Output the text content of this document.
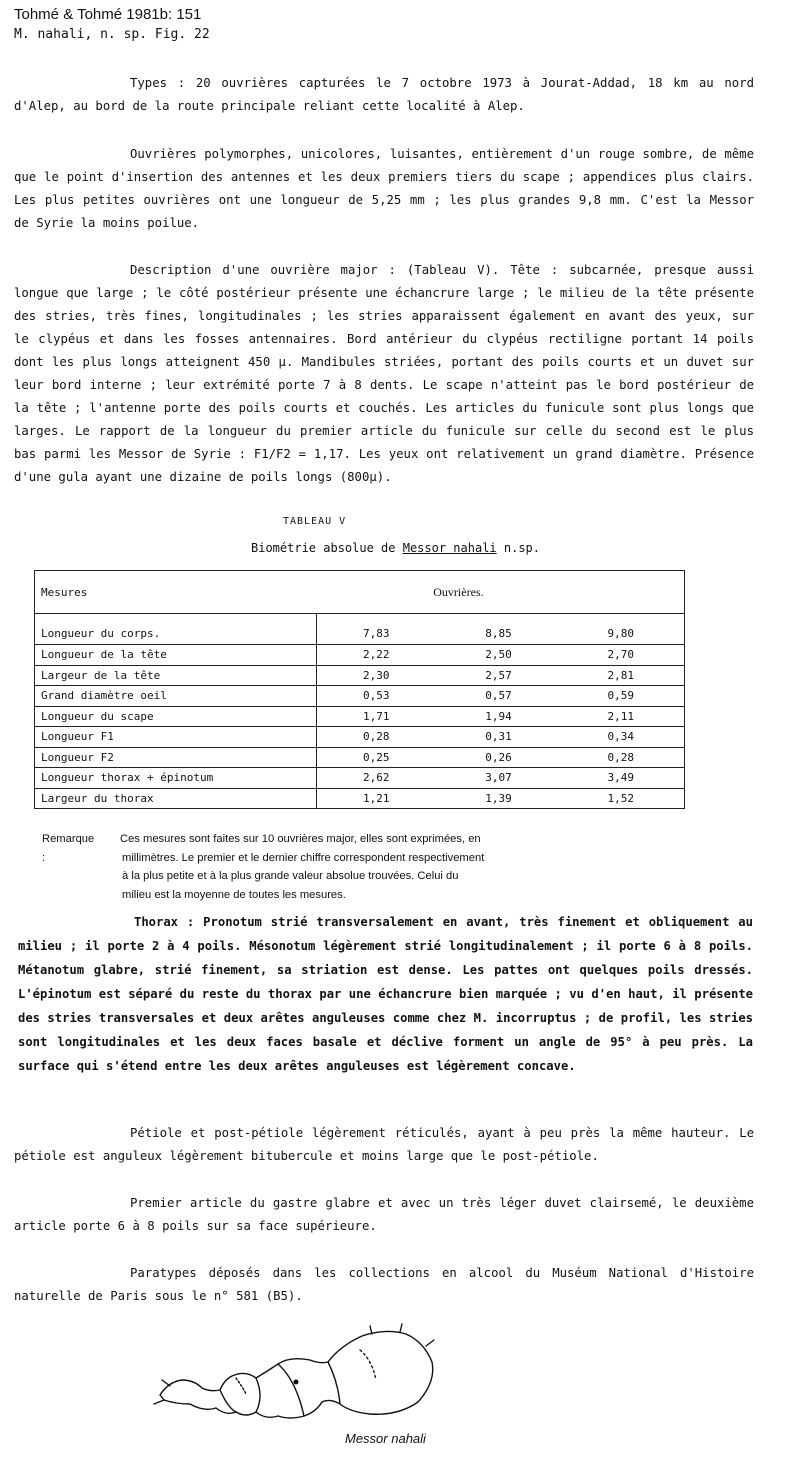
Tohmé & Tohmé 1981b: 151
M. nahali, n. sp. Fig. 22

Types : 20 ouvrières capturées le 7 octobre 1973 à Jourat-Addad, 18 km au nord d'Alep, au bord de la route principale reliant cette localité à Alep.

Ouvrières polymorphes, unicolores, luisantes, entièrement d'un rouge sombre, de même que le point d'insertion des antennes et les deux premiers tiers du scape ; appendices plus clairs. Les plus petites ouvrières ont une longueur de 5,25 mm ; les plus grandes 9,8 mm. C'est la Messor de Syrie la moins poilue.

Description d'une ouvrière major : (Tableau V). Tête : subcarnée, presque aussi longue que large ; le côté postérieur présente une échancrure large ; le milieu de la tête présente des stries, très fines, longitudinales ; les stries apparaissent également en avant des yeux, sur le clypéus et dans les fosses antennaires. Bord antérieur du clypéus rectiligne portant 14 poils dont les plus longs atteignent 450 μ. Mandibules striées, portant des poils courts et un duvet sur leur bord interne ; leur extrémité porte 7 à 8 dents. Le scape n'atteint pas le bord postérieur de la tête ; l'antenne porte des poils courts et couchés. Les articles du funicule sont plus longs que larges. Le rapport de la longueur du premier article du funicule sur celle du second est le plus bas parmi les Messor de Syrie : F1/F2 = 1,17. Les yeux ont relativement un grand diamètre. Présence d'une gula ayant une dizaine de poils longs (800μ).

TABLEAU V
Biométrie absolue de Messor nahali n.sp.
Mesures	Ouvrières.		
Longueur du corps.	7,83	8,85	9,80
Longueur de la tête	2,22	2,50	2,70
Largeur de la tête	2,30	2,57	2,81
Grand diamètre oeil	0,53	0,57	0,59
Longueur du scape	1,71	1,94	2,11
Longueur F1	0,28	0,31	0,34
Longueur F2	0,25	0,26	0,28
Longueur thorax + épinotum	2,62	3,07	3,49
Largeur du thorax	1,21	1,39	1,52
Remarque :
Ces mesures sont faites sur 10 ouvrières major, elles sont exprimées, en
millimètres. Le premier et le dernier chiffre correspondent respectivement
à la plus petite et à la plus grande valeur absolue trouvées. Celui du
milieu est la moyenne de toutes les mesures.

Thorax : Pronotum strié transversalement en avant, très finement et obliquement au milieu ; il porte 2 à 4 poils. Mésonotum légèrement strié longitudinalement ; il porte 6 à 8 poils. Métanotum glabre, strié finement, sa striation est dense. Les pattes ont quelques poils dressés. L'épinotum est séparé du reste du thorax par une échancrure bien marquée ; vu d'en haut, il présente des stries transversales et deux arêtes anguleuses comme chez M. incorruptus ; de profil, les stries sont longitudinales et les deux faces basale et déclive forment un angle de 95° à peu près. La surface qui s'étend entre les deux arêtes anguleuses est légèrement concave.

Pétiole et post-pétiole légèrement réticulés, ayant à peu près la même hauteur. Le pétiole est anguleux légèrement bitubercule et moins large que le post-pétiole.

Premier article du gastre glabre et avec un très léger duvet clairsemé, le deuxième article porte 6 à 8 poils sur sa face supérieure.

Paratypes déposés dans les collections en alcool du Muséum National d'Histoire naturelle de Paris sous le n° 581 (B5).

Messor nahali
